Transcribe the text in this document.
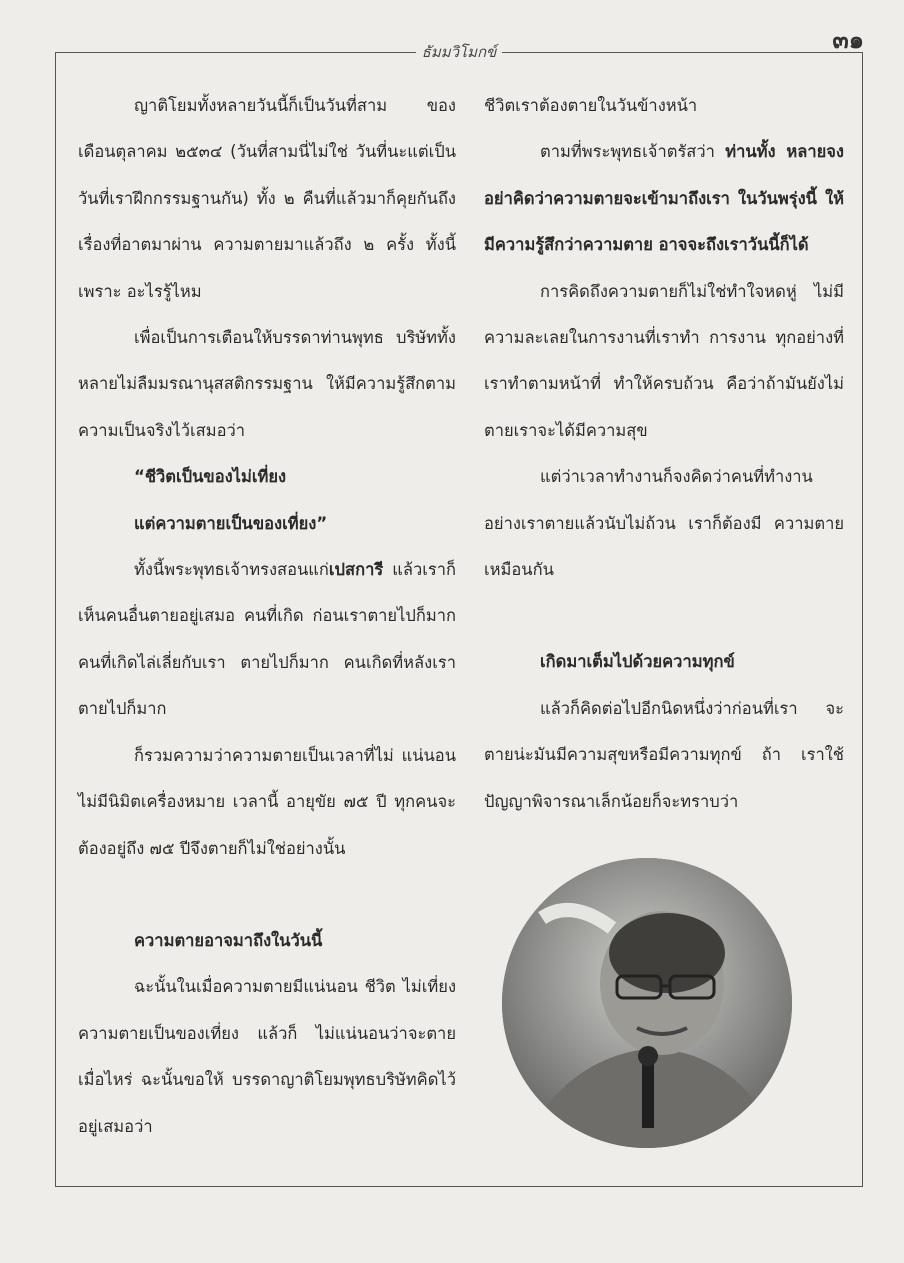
๓๑
ธัมมวิโมกข์

ญาติโยมทั้งหลายวันนี้ก็เป็นวันที่สาม ของเดือนตุลาคม ๒๕๓๔ (วันที่สามนี่ไม่ใช่ วันที่นะแต่เป็นวันที่เราฝึกกรรมฐานกัน) ทั้ง ๒ คืนที่แล้วมาก็คุยกันถึงเรื่องที่อาตมาผ่าน ความตายมาแล้วถึง ๒ ครั้ง ทั้งนี้เพราะ อะไรรู้ไหม

เพื่อเป็นการเตือนให้บรรดาท่านพุทธ บริษัททั้งหลายไม่ลืมมรณานุสสติกรรมฐาน ให้มีความรู้สึกตามความเป็นจริงไว้เสมอว่า

“ชีวิตเป็นของไม่เที่ยง

แต่ความตายเป็นของเที่ยง”

ทั้งนี้พระพุทธเจ้าทรงสอนแก่เปสการี แล้วเราก็เห็นคนอื่นตายอยู่เสมอ คนที่เกิด ก่อนเราตายไปก็มาก คนที่เกิดไล่เลี่ยกับเรา ตายไปก็มาก คนเกิดที่หลังเราตายไปก็มาก

ก็รวมความว่าความตายเป็นเวลาที่ไม่ แน่นอน ไม่มีนิมิตเครื่องหมาย เวลานี้ อายุขัย ๗๕ ปี ทุกคนจะต้องอยู่ถึง ๗๕ ปีจึงตายก็ไม่ใช่อย่างนั้น

ความตายอาจมาถึงในวันนี้

ฉะนั้นในเมื่อความตายมีแน่นอน ชีวิต ไม่เที่ยง ความตายเป็นของเที่ยง แล้วก็ ไม่แน่นอนว่าจะตายเมื่อไหร่ ฉะนั้นขอให้ บรรดาญาติโยมพุทธบริษัทคิดไว้อยู่เสมอว่า

ชีวิตเราต้องตายในวันข้างหน้า

ตามที่พระพุทธเจ้าตรัสว่า ท่านทั้ง หลายจงอย่าคิดว่าความตายจะเข้ามาถึงเรา ในวันพรุ่งนี้ ให้มีความรู้สึกว่าความตาย อาจจะถึงเราวันนี้ก็ได้

การคิดถึงความตายก็ไม่ใช่ทำใจหดหู่ ไม่มีความละเลยในการงานที่เราทำ การงาน ทุกอย่างที่เราทำตามหน้าที่ ทำให้ครบถ้วน คือว่าถ้ามันยังไม่ตายเราจะได้มีความสุข

แต่ว่าเวลาทำงานก็จงคิดว่าคนที่ทำงาน อย่างเราตายแล้วนับไม่ถ้วน เราก็ต้องมี ความตายเหมือนกัน

เกิดมาเต็มไปด้วยความทุกข์

แล้วก็คิดต่อไปอีกนิดหนึ่งว่าก่อนที่เรา จะตายน่ะมันมีความสุขหรือมีความทุกข์ ถ้า เราใช้ปัญญาพิจารณาเล็กน้อยก็จะทราบว่า
